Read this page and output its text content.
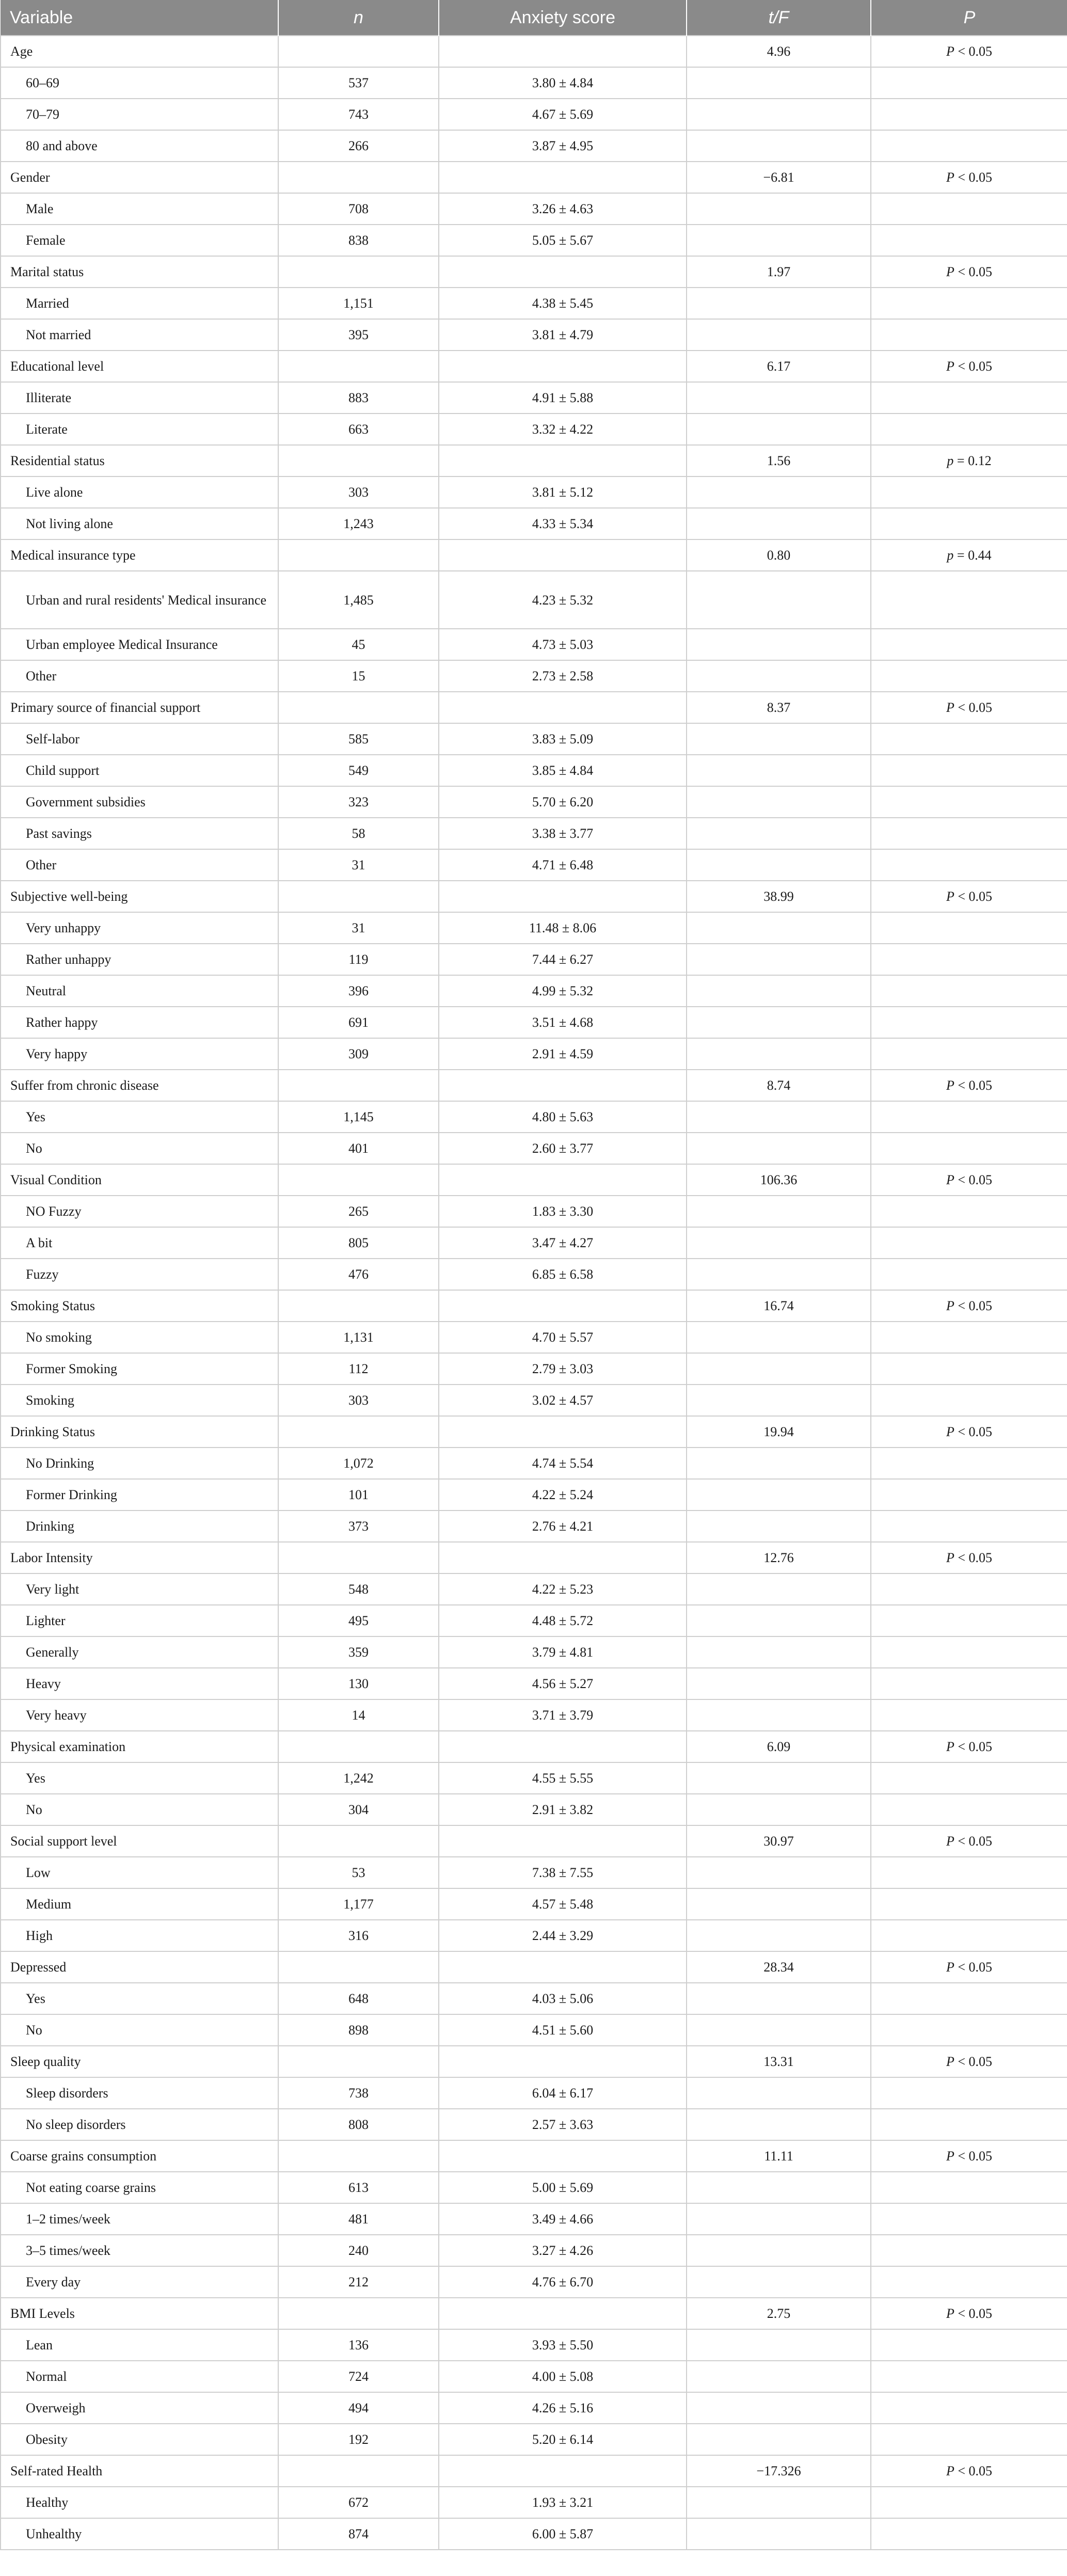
Variable	n	Anxiety score	t/F	P
Age			4.96	P < 0.05
60–69	537	3.80 ± 4.84		
70–79	743	4.67 ± 5.69		
80 and above	266	3.87 ± 4.95		
Gender			−6.81	P < 0.05
Male	708	3.26 ± 4.63		
Female	838	5.05 ± 5.67		
Marital status			1.97	P < 0.05
Married	1,151	4.38 ± 5.45		
Not married	395	3.81 ± 4.79		
Educational level			6.17	P < 0.05
Illiterate	883	4.91 ± 5.88		
Literate	663	3.32 ± 4.22		
Residential status			1.56	p = 0.12
Live alone	303	3.81 ± 5.12		
Not living alone	1,243	4.33 ± 5.34		
Medical insurance type			0.80	p = 0.44
Urban and rural residents' Medical insurance	1,485	4.23 ± 5.32		
Urban employee Medical Insurance	45	4.73 ± 5.03		
Other	15	2.73 ± 2.58		
Primary source of financial support			8.37	P < 0.05
Self-labor	585	3.83 ± 5.09		
Child support	549	3.85 ± 4.84		
Government subsidies	323	5.70 ± 6.20		
Past savings	58	3.38 ± 3.77		
Other	31	4.71 ± 6.48		
Subjective well-being			38.99	P < 0.05
Very unhappy	31	11.48 ± 8.06		
Rather unhappy	119	7.44 ± 6.27		
Neutral	396	4.99 ± 5.32		
Rather happy	691	3.51 ± 4.68		
Very happy	309	2.91 ± 4.59		
Suffer from chronic disease			8.74	P < 0.05
Yes	1,145	4.80 ± 5.63		
No	401	2.60 ± 3.77		
Visual Condition			106.36	P < 0.05
NO Fuzzy	265	1.83 ± 3.30		
A bit	805	3.47 ± 4.27		
Fuzzy	476	6.85 ± 6.58		
Smoking Status			16.74	P < 0.05
No smoking	1,131	4.70 ± 5.57		
Former Smoking	112	2.79 ± 3.03		
Smoking	303	3.02 ± 4.57		
Drinking Status			19.94	P < 0.05
No Drinking	1,072	4.74 ± 5.54		
Former Drinking	101	4.22 ± 5.24		
Drinking	373	2.76 ± 4.21		
Labor Intensity			12.76	P < 0.05
Very light	548	4.22 ± 5.23		
Lighter	495	4.48 ± 5.72		
Generally	359	3.79 ± 4.81		
Heavy	130	4.56 ± 5.27		
Very heavy	14	3.71 ± 3.79		
Physical examination			6.09	P < 0.05
Yes	1,242	4.55 ± 5.55		
No	304	2.91 ± 3.82		
Social support level			30.97	P < 0.05
Low	53	7.38 ± 7.55		
Medium	1,177	4.57 ± 5.48		
High	316	2.44 ± 3.29		
Depressed			28.34	P < 0.05
Yes	648	4.03 ± 5.06		
No	898	4.51 ± 5.60		
Sleep quality			13.31	P < 0.05
Sleep disorders	738	6.04 ± 6.17		
No sleep disorders	808	2.57 ± 3.63		
Coarse grains consumption			11.11	P < 0.05
Not eating coarse grains	613	5.00 ± 5.69		
1–2 times/week	481	3.49 ± 4.66		
3–5 times/week	240	3.27 ± 4.26		
Every day	212	4.76 ± 6.70		
BMI Levels			2.75	P < 0.05
Lean	136	3.93 ± 5.50		
Normal	724	4.00 ± 5.08		
Overweigh	494	4.26 ± 5.16		
Obesity	192	5.20 ± 6.14		
Self-rated Health			−17.326	P < 0.05
Healthy	672	1.93 ± 3.21		
Unhealthy	874	6.00 ± 5.87		
